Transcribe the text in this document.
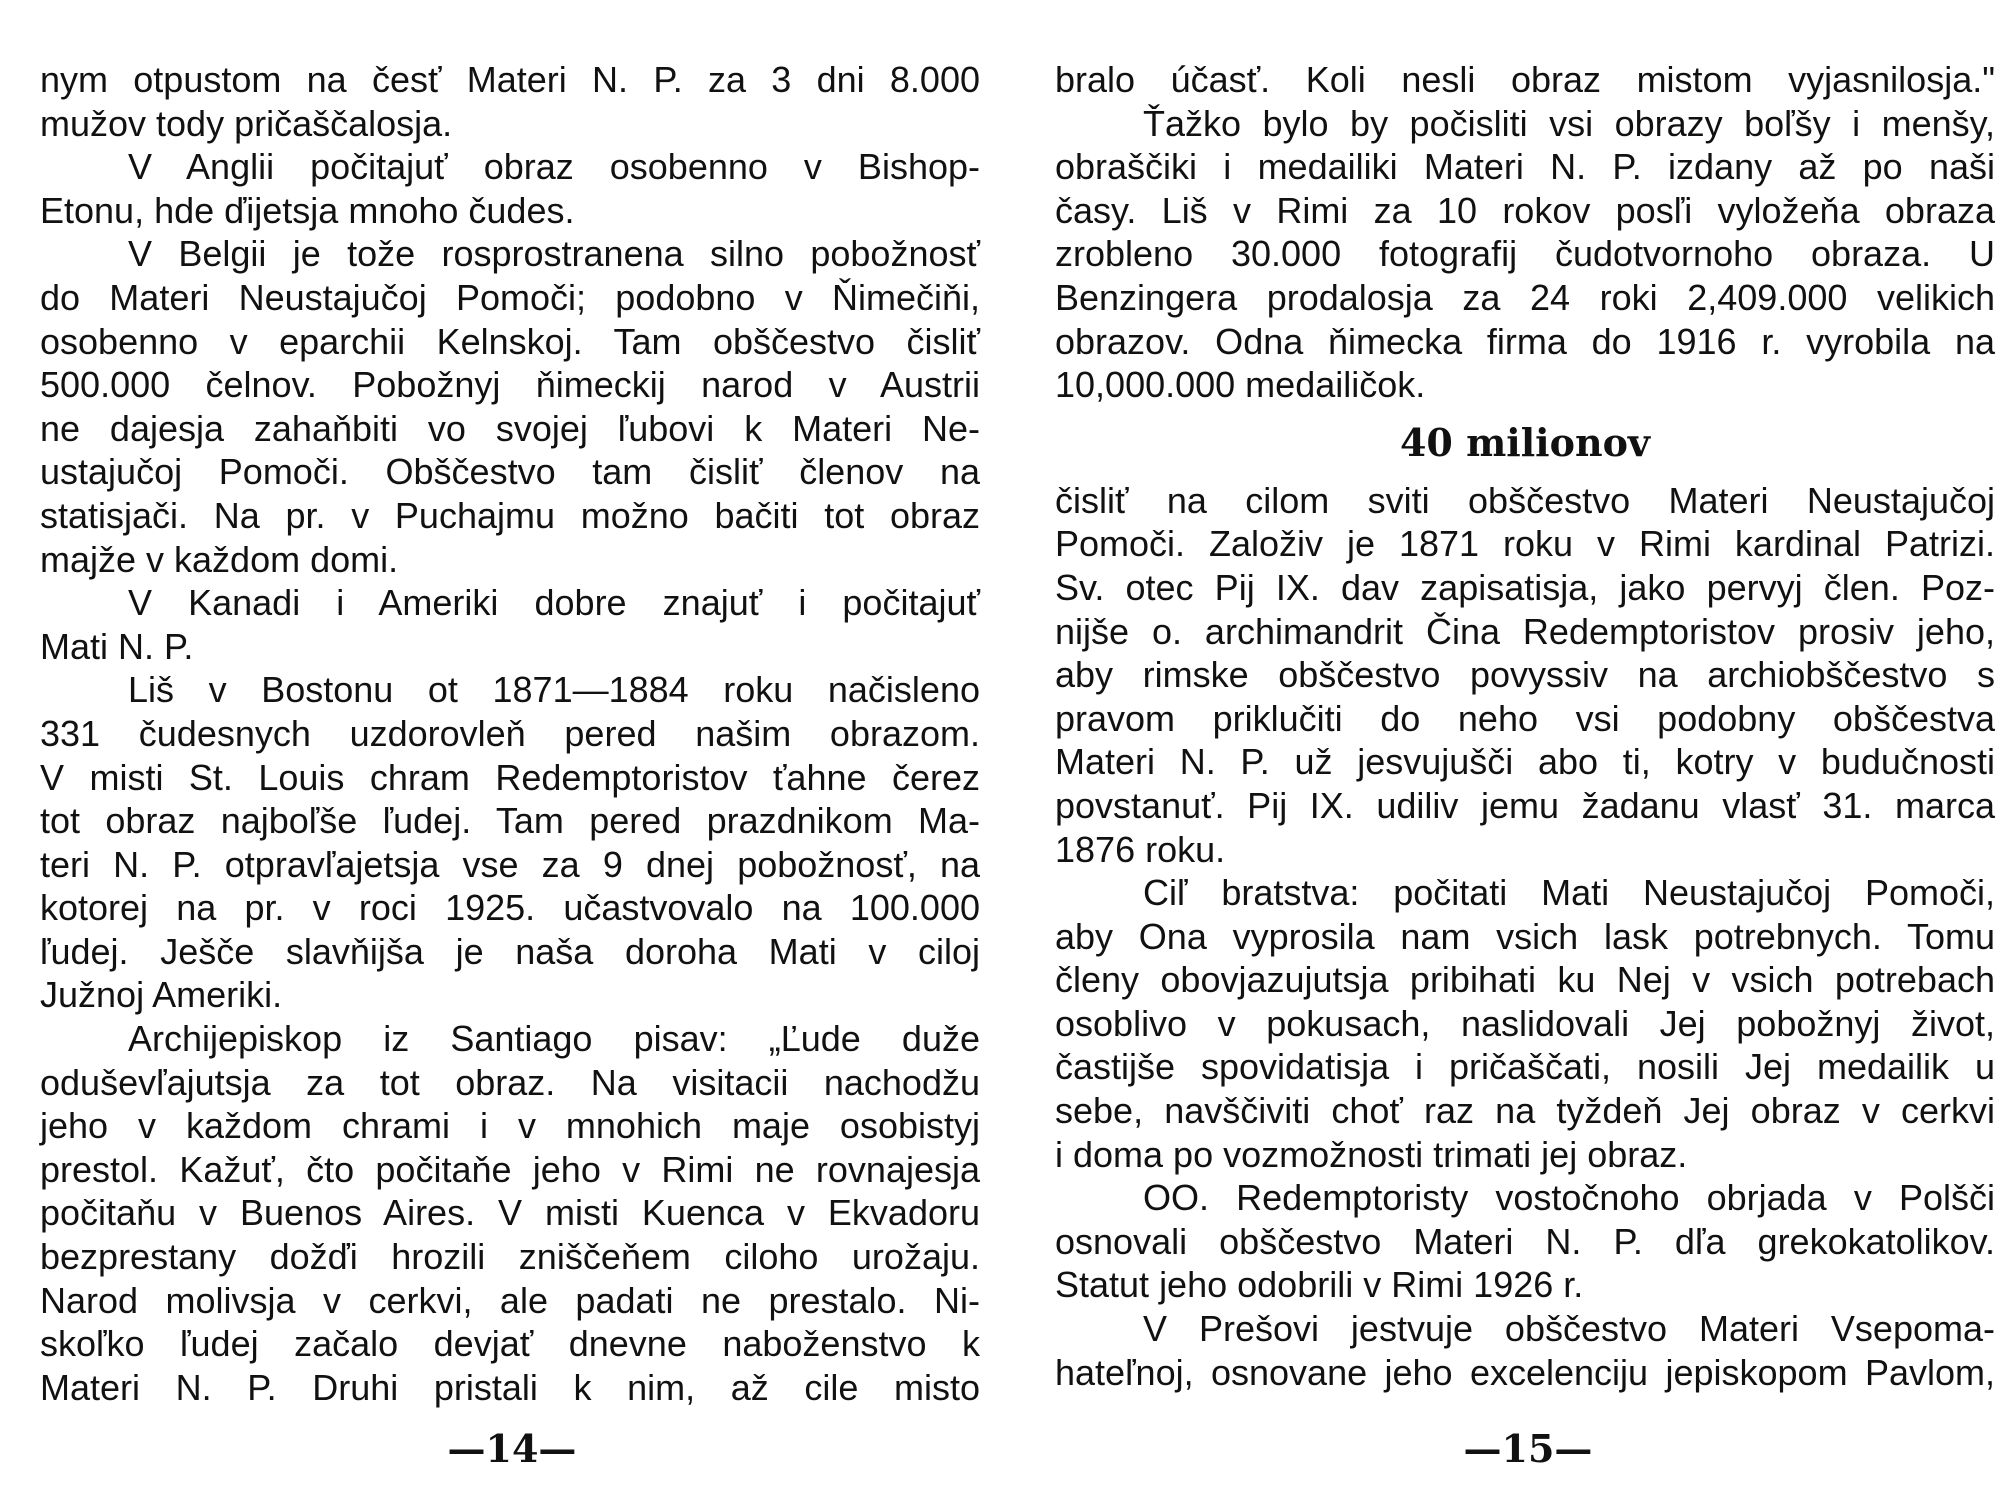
nym otpustom na česť Materi N. P. za 3 dni 8.000
mužov tody pričaščalosja.
V Anglii počitajuť obraz osobenno v Bishop-
Etonu, hde ďijetsja mnoho čudes.
V Belgii je tože rosprostranena silno pobožnosť
do Materi Neustajučoj Pomoči; podobno v Ňimečiňi,
osobenno v eparchii Kelnskoj. Tam obščestvo čisliť
500.000 čelnov. Pobožnyj ňimeckij narod v Austrii
ne dajesja zahaňbiti vo svojej ľubovi k Materi Ne-
ustajučoj Pomoči. Obščestvo tam čisliť členov na
statisjači. Na pr. v Puchajmu možno bačiti tot obraz
majže v každom domi.
V Kanadi i Ameriki dobre znajuť i počitajuť
Mati N. P.
Liš v Bostonu ot 1871—1884 roku načisleno
331 čudesnych uzdorovleň pered našim obrazom.
V misti St. Louis chram Redemptoristov ťahne čerez
tot obraz najboľše ľudej. Tam pered prazdnikom Ma-
teri N. P. otpravľajetsja vse za 9 dnej pobožnosť, na
kotorej na pr. v roci 1925. učastvovalo na 100.000
ľudej. Ješče slavňijša je naša doroha Mati v ciloj
Južnoj Ameriki.
Archijepiskop iz Santiago pisav: „Ľude duže
oduševľajutsja za tot obraz. Na visitacii nachodžu
jeho v každom chrami i v mnohich maje osobistyj
prestol. Kažuť, čto počitaňe jeho v Rimi ne rovnajesja
počitaňu v Buenos Aires. V misti Kuenca v Ekvadoru
bezprestany dožďi hrozili zniščeňem ciloho urožaju.
Narod molivsja v cerkvi, ale padati ne prestalo. Ni-
skoľko ľudej začalo devjať dnevne naboženstvo k
Materi N. P. Druhi pristali k nim, až cile misto
bralo účasť. Koli nesli obraz mistom vyjasnilosja."
Ťažko bylo by počisliti vsi obrazy boľšy i menšy,
obraščiki i medailiki Materi N. P. izdany až po naši
časy. Liš v Rimi za 10 rokov posľi vyložeňa obraza
zrobleno 30.000 fotografij čudotvornoho obraza. U
Benzingera prodalosja za 24 roki 2,409.000 velikich
obrazov. Odna ňimecka firma do 1916 r. vyrobila na
10,000.000 medailičok.
40 milionov
čisliť na cilom sviti obščestvo Materi Neustajučoj
Pomoči. Založiv je 1871 roku v Rimi kardinal Patrizi.
Sv. otec Pij IX. dav zapisatisja, jako pervyj člen. Poz-
nijše o. archimandrit Čina Redemptoristov prosiv jeho,
aby rimske obščestvo povyssiv na archiobščestvo s
pravom priklučiti do neho vsi podobny obščestva
Materi N. P. už jesvujušči abo ti, kotry v budučnosti
povstanuť. Pij IX. udiliv jemu žadanu vlasť 31. marca
1876 roku.
Ciľ bratstva: počitati Mati Neustajučoj Pomoči,
aby Ona vyprosila nam vsich lask potrebnych. Tomu
členy obovjazujutsja pribihati ku Nej v vsich potrebach
osoblivo v pokusach, naslidovali Jej pobožnyj život,
častijše spovidatisja i pričaščati, nosili Jej medailik u
sebe, navščiviti choť raz na tyždeň Jej obraz v cerkvi
i doma po vozmožnosti trimati jej obraz.
OO. Redemptoristy vostočnoho obrjada v Polšči
osnovali obščestvo Materi N. P. dľa grekokatolikov.
Statut jeho odobrili v Rimi 1926 r.
V Prešovi jestvuje obščestvo Materi Vsepoma-
hateľnoj, osnovane jeho excelenciju jepiskopom Pavlom,
—14—	—15—
